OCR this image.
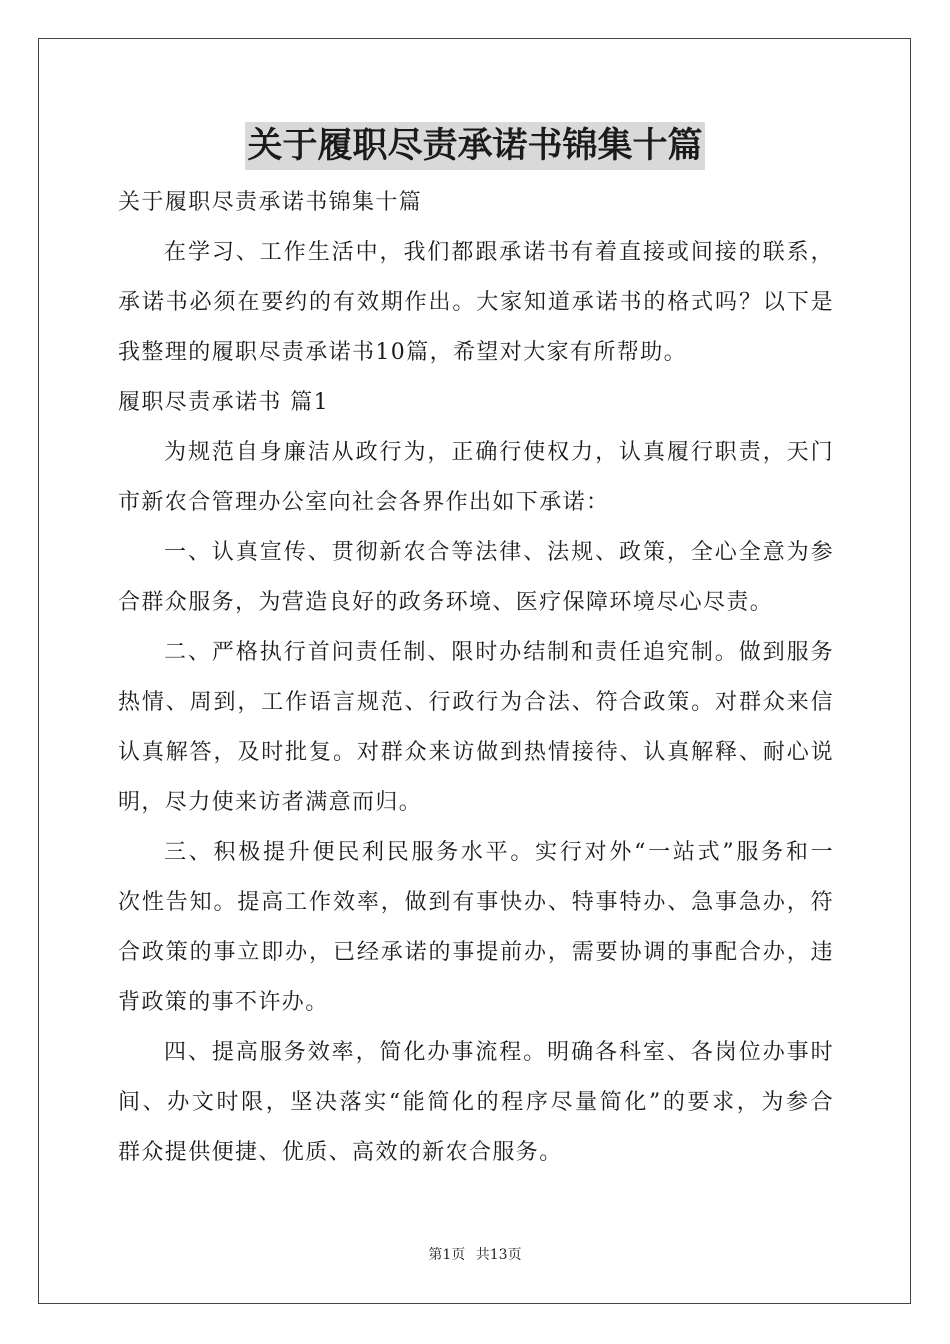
关于履职尽责承诺书锦集十篇

关于履职尽责承诺书锦集十篇

在学习、工作生活中，我们都跟承诺书有着直接或间接的联系，

承诺书必须在要约的有效期作出。大家知道承诺书的格式吗？以下是

我整理的履职尽责承诺书10篇，希望对大家有所帮助。

履职尽责承诺书 篇1

为规范自身廉洁从政行为，正确行使权力，认真履行职责，天门

市新农合管理办公室向社会各界作出如下承诺：

一、认真宣传、贯彻新农合等法律、法规、政策，全心全意为参

合群众服务，为营造良好的政务环境、医疗保障环境尽心尽责。

二、严格执行首问责任制、限时办结制和责任追究制。做到服务

热情、周到，工作语言规范、行政行为合法、符合政策。对群众来信

认真解答，及时批复。对群众来访做到热情接待、认真解释、耐心说

明，尽力使来访者满意而归。

三、积极提升便民利民服务水平。实行对外“一站式”服务和一

次性告知。提高工作效率，做到有事快办、特事特办、急事急办，符

合政策的事立即办，已经承诺的事提前办，需要协调的事配合办，违

背政策的事不许办。

四、提高服务效率，简化办事流程。明确各科室、各岗位办事时

间、办文时限，坚决落实“能简化的程序尽量简化”的要求，为参合

群众提供便捷、优质、高效的新农合服务。

第1页 共13页
